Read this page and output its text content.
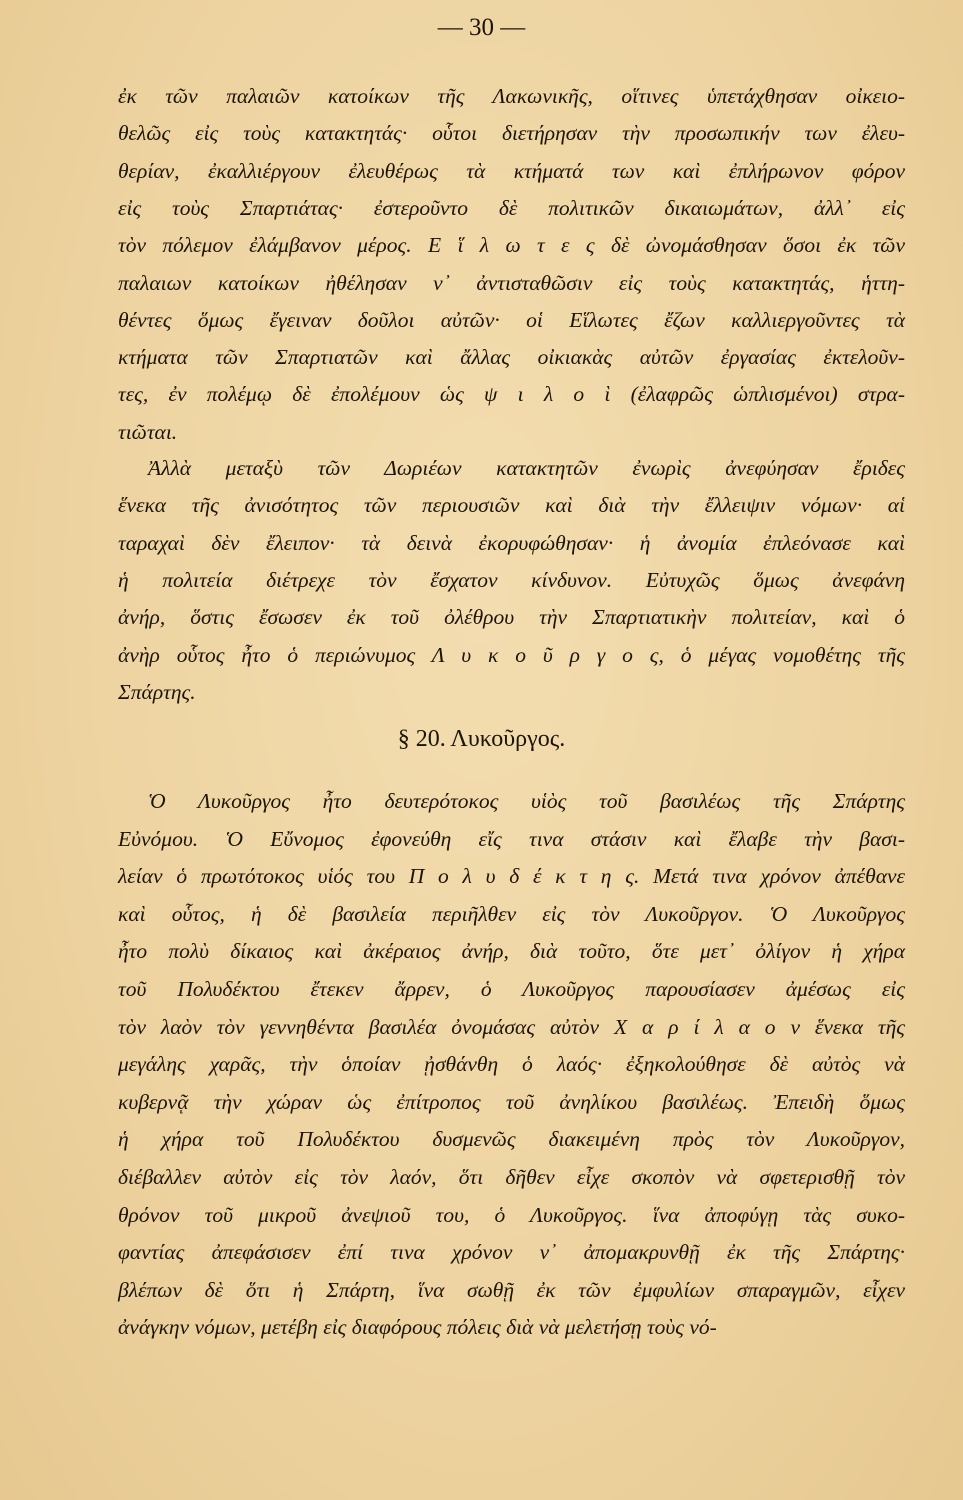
— 30 —
ἐκ τῶν παλαιῶν κατοίκων τῆς Λακωνικῆς, οἵτινες ὑπετάχθησαν οἰκειο-
θελῶς εἰς τοὺς κατακτητάς· οὗτοι διετήρησαν τὴν προσωπικήν των ἐλευ-
θερίαν, ἐκαλλιέργουν ἐλευθέρως τὰ κτήματά των καὶ ἐπλήρωνον φόρον
εἰς τοὺς Σπαρτιάτας· ἐστεροῦντο δὲ πολιτικῶν δικαιωμάτων, ἀλλ᾽ εἰς
τὸν πόλεμον ἐλάμβανον μέρος. Ε ἵ λ ω τ ε ς δὲ ὠνομάσθησαν ὅσοι ἐκ τῶν
παλαιων κατοίκων ἠθέλησαν ν᾽ ἀντισταθῶσιν εἰς τοὺς κατακτητάς, ἡττη-
θέντες ὅμως ἔγειναν δοῦλοι αὐτῶν· οἱ Εἵλωτες ἔζων καλλιεργοῦντες τὰ
κτήματα τῶν Σπαρτιατῶν καὶ ἄλλας οἰκιακὰς αὐτῶν ἐργασίας ἐκτελοῦν-
τες, ἐν πολέμῳ δὲ ἐπολέμουν ὡς ψ ι λ ο ὶ (ἐλαφρῶς ὡπλισμένοι) στρα-
τιῶται.
Ἀλλὰ μεταξὺ τῶν Δωριέων κατακτητῶν ἐνωρὶς ἀνεφύησαν ἔριδες
ἕνεκα τῆς ἀνισότητος τῶν περιουσιῶν καὶ διὰ τὴν ἔλλειψιν νόμων· αἱ
ταραχαὶ δὲν ἔλειπον· τὰ δεινὰ ἐκορυφώθησαν· ἡ ἀνομία ἐπλεόνασε καὶ
ἡ πολιτεία διέτρεχε τὸν ἔσχατον κίνδυνον. Εὐτυχῶς ὅμως ἀνεφάνη
ἀνήρ, ὅστις ἔσωσεν ἐκ τοῦ ὀλέθρου τὴν Σπαρτιατικὴν πολιτείαν, καὶ ὁ
ἀνὴρ οὗτος ἦτο ὁ περιώνυμος Λ υ κ ο ῦ ρ γ ο ς, ὁ μέγας νομοθέτης τῆς
Σπάρτης.
Ὁ Λυκοῦργος ἦτο δευτερότοκος υἱὸς τοῦ βασιλέως τῆς Σπάρτης
Εὐνόμου. Ὁ Εὔνομος ἐφονεύθη εἴς τινα στάσιν καὶ ἔλαβε τὴν βασι-
λείαν ὁ πρωτότοκος υἱός του Π ο λ υ δ έ κ τ η ς. Μετά τινα χρόνον ἀπέθανε
καὶ οὗτος, ἡ δὲ βασιλεία περιῆλθεν εἰς τὸν Λυκοῦργον. Ὁ Λυκοῦργος
ἦτο πολὺ δίκαιος καὶ ἀκέραιος ἀνήρ, διὰ τοῦτο, ὅτε μετ᾽ ὀλίγον ἡ χήρα
τοῦ Πολυδέκτου ἔτεκεν ἄρρεν, ὁ Λυκοῦργος παρουσίασεν ἀμέσως εἰς
τὸν λαὸν τὸν γεννηθέντα βασιλέα ὀνομάσας αὐτὸν Χ α ρ ί λ α ο ν ἕνεκα τῆς
μεγάλης χαρᾶς, τὴν ὁποίαν ᾐσθάνθη ὁ λαός· ἐξηκολούθησε δὲ αὐτὸς νὰ
κυβερνᾷ τὴν χώραν ὡς ἐπίτροπος τοῦ ἀνηλίκου βασιλέως. Ἐπειδὴ ὅμως
ἡ χήρα τοῦ Πολυδέκτου δυσμενῶς διακειμένη πρὸς τὸν Λυκοῦργον,
διέβαλλεν αὐτὸν εἰς τὸν λαόν, ὅτι δῆθεν εἶχε σκοπὸν νὰ σφετερισθῇ τὸν
θρόνον τοῦ μικροῦ ἀνεψιοῦ του, ὁ Λυκοῦργος. ἵνα ἀποφύγῃ τὰς συκο-
φαντίας ἀπεφάσισεν ἐπί τινα χρόνον ν᾽ ἀπομακρυνθῇ ἐκ τῆς Σπάρτης·
βλέπων δὲ ὅτι ἡ Σπάρτη, ἵνα σωθῇ ἐκ τῶν ἐμφυλίων σπαραγμῶν, εἶχεν
ἀνάγκην νόμων, μετέβη εἰς διαφόρους πόλεις διὰ νὰ μελετήσῃ τοὺς νό-
§ 20. Λυκοῦργος.
